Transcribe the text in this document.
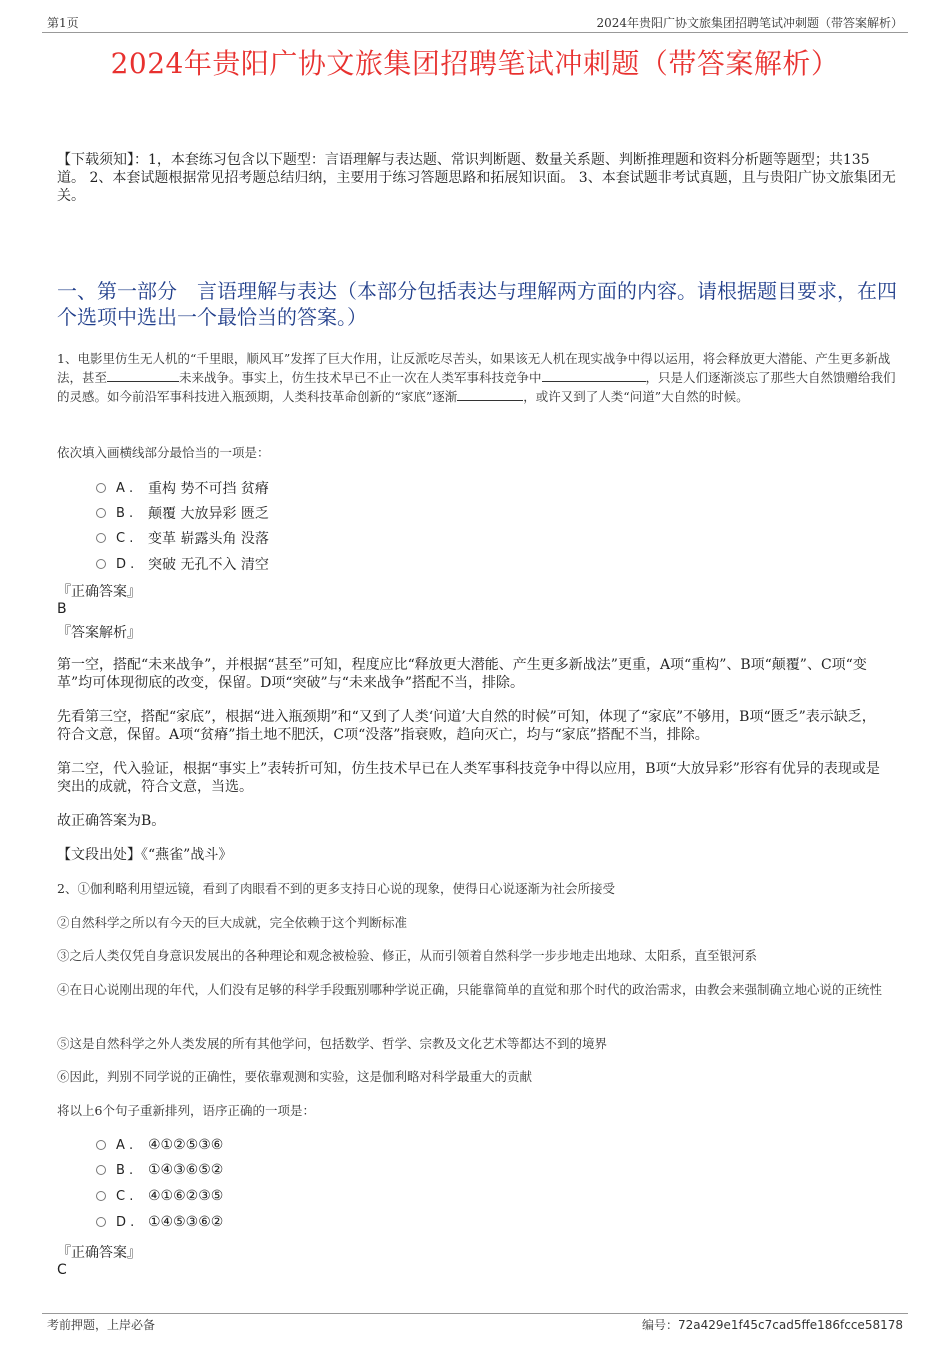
第1页	2024年贵阳广协文旅集团招聘笔试冲刺题（带答案解析）
2024年贵阳广协文旅集团招聘笔试冲刺题（带答案解析）
【下载须知】：1，本套练习包含以下题型：言语理解与表达题、常识判断题、数量关系题、判断推理题和资料分析题等题型；共135道。 2、本套试题根据常见招考题总结归纳，主要用于练习答题思路和拓展知识面。 3、本套试题非考试真题，且与贵阳广协文旅集团无关。
一、第一部分　言语理解与表达（本部分包括表达与理解两方面的内容。请根据题目要求，在四个选项中选出一个最恰当的答案。）
1、电影里仿生无人机的“千里眼，顺风耳”发挥了巨大作用，让反派吃尽苦头，如果该无人机在现实战争中得以运用，将会释放更大潜能、产生更多新战法，甚至	未来战争。事实上，仿生技术早已不止一次在人类军事科技竞争中	，只是人们逐渐淡忘了那些大自然馈赠给我们的灵感。如今前沿军事科技进入瓶颈期，人类科技革命创新的“家底”逐渐	，或许又到了人类“问道”大自然的时候。
依次填入画横线部分最恰当的一项是：
A .	重构 势不可挡 贫瘠
B .	颠覆 大放异彩 匮乏
C .	变革 崭露头角 没落
D . 突破 无孔不入 清空
『正确答案』
B
『答案解析』
第一空，搭配“未来战争”，并根据“甚至”可知，程度应比“释放更大潜能、产生更多新战法”更重，A项“重构”、B项“颠覆”、C项“变革”均可体现彻底的改变，保留。D项“突破”与“未来战争”搭配不当，排除。
先看第三空，搭配“家底”，根据“进入瓶颈期”和“又到了人类‘问道’大自然的时候”可知，体现了“家底”不够用，B项“匮乏”表示缺乏，符合文意，保留。A项“贫瘠”指土地不肥沃，C项“没落”指衰败，趋向灭亡，均与“家底”搭配不当，排除。
第二空，代入验证，根据“事实上”表转折可知，仿生技术早已在人类军事科技竞争中得以应用，B项“大放异彩”形容有优异的表现或是突出的成就，符合文意，当选。
故正确答案为B。
【文段出处】《“燕雀”战斗》
2、①伽利略利用望远镜，看到了肉眼看不到的更多支持日心说的现象，使得日心说逐渐为社会所接受
②自然科学之所以有今天的巨大成就，完全依赖于这个判断标准
③之后人类仅凭自身意识发展出的各种理论和观念被检验、修正，从而引领着自然科学一步步地走出地球、太阳系，直至银河系
④在日心说刚出现的年代，人们没有足够的科学手段甄别哪种学说正确，只能靠简单的直觉和那个时代的政治需求，由教会来强制确立地心说的正统性
⑤这是自然科学之外人类发展的所有其他学问，包括数学、哲学、宗教及文化艺术等都达不到的境界
⑥因此，判别不同学说的正确性，要依靠观测和实验，这是伽利略对科学最重大的贡献
将以上6个句子重新排列，语序正确的一项是：
A .	④①②⑤③⑥
B .	①④③⑥⑤②
C .	④①⑥②③⑤
D . ①④⑤③⑥②
『正确答案』
C
考前押题，上岸必备	编号：72a429e1f45c7cad5ffe186fcce58178
